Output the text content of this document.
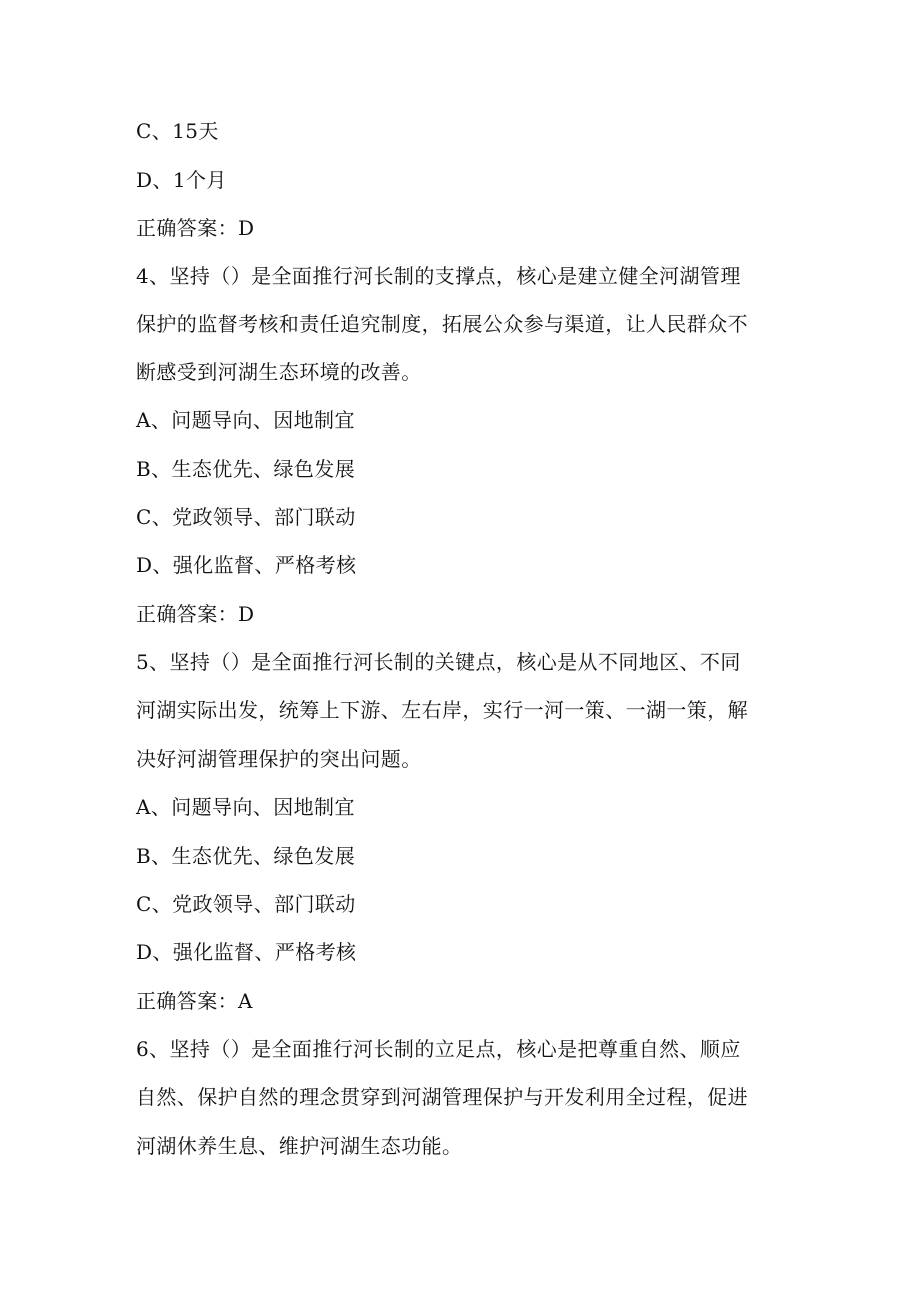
C、15天
D、1个月
正确答案：D
4、坚持（）是全面推行河长制的支撑点，核心是建立健全河湖管理
保护的监督考核和责任追究制度，拓展公众参与渠道，让人民群众不
断感受到河湖生态环境的改善。
A、问题导向、因地制宜
B、生态优先、绿色发展
C、党政领导、部门联动
D、强化监督、严格考核
正确答案：D
5、坚持（）是全面推行河长制的关键点，核心是从不同地区、不同
河湖实际出发，统筹上下游、左右岸，实行一河一策、一湖一策，解
决好河湖管理保护的突出问题。
A、问题导向、因地制宜
B、生态优先、绿色发展
C、党政领导、部门联动
D、强化监督、严格考核
正确答案：A
6、坚持（）是全面推行河长制的立足点，核心是把尊重自然、顺应
自然、保护自然的理念贯穿到河湖管理保护与开发利用全过程，促进
河湖休养生息、维护河湖生态功能。
